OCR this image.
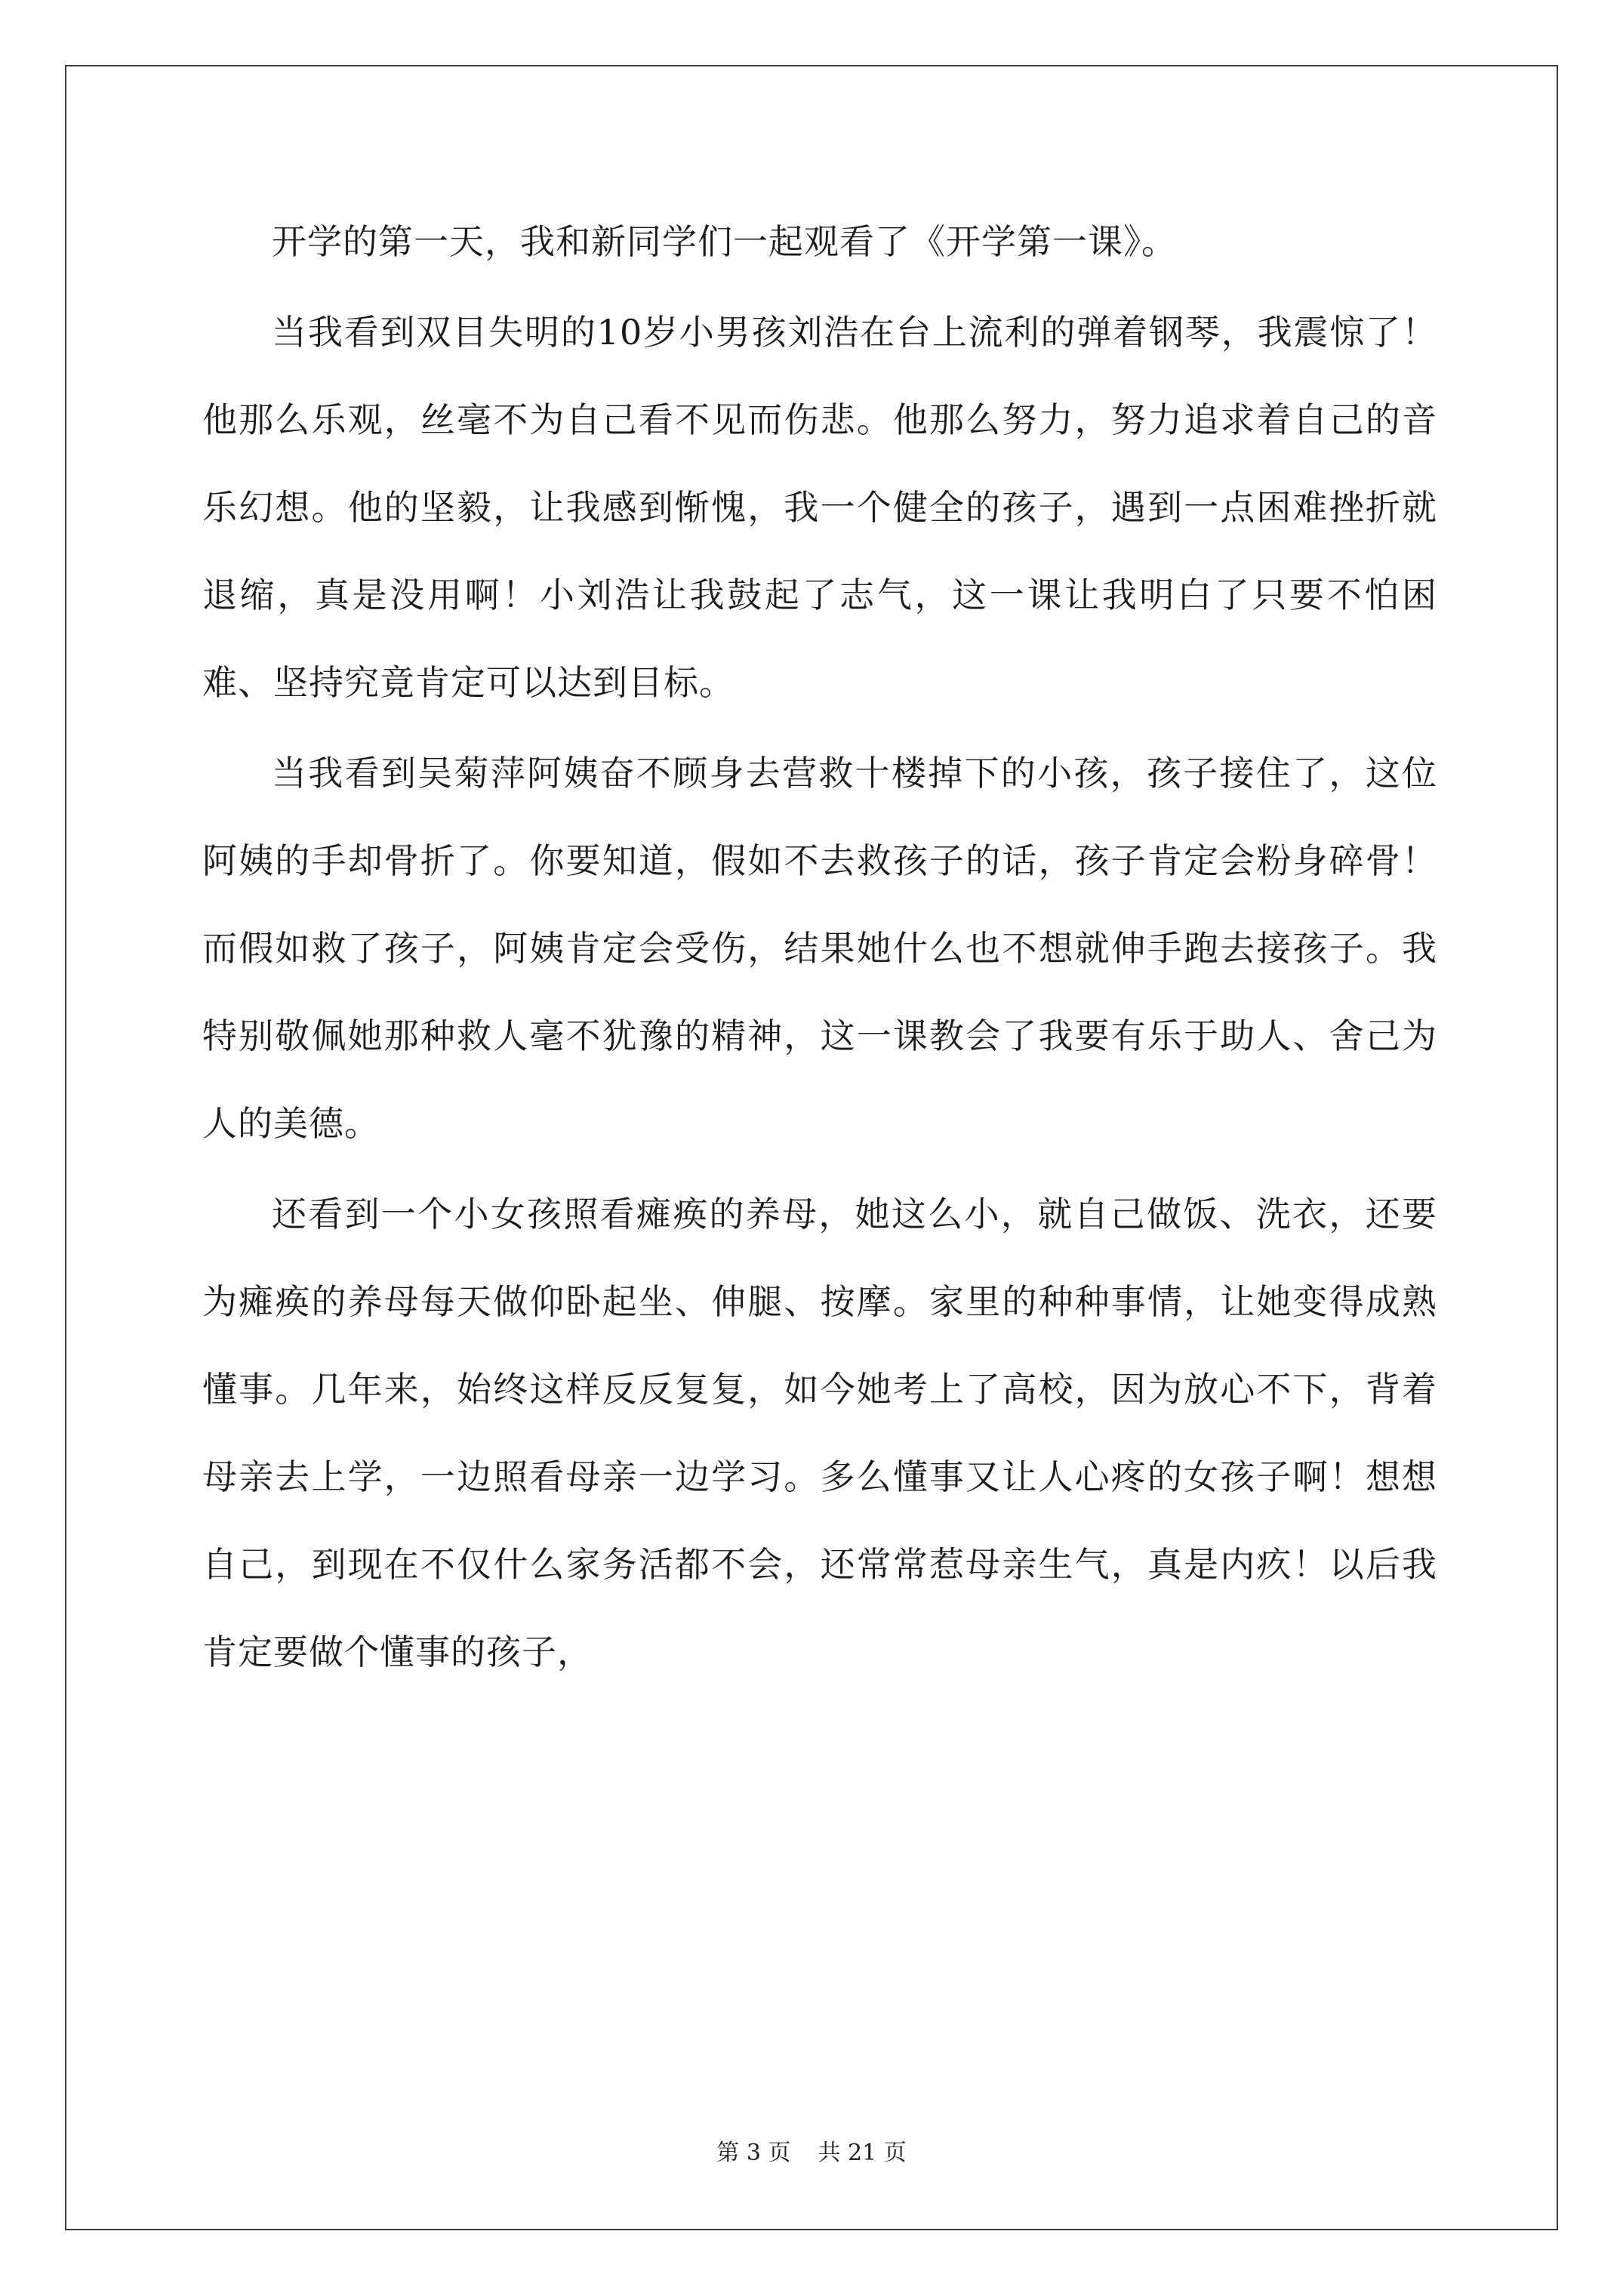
开学的第一天，我和新同学们一起观看了《开学第一课》。

当我看到双目失明的10岁小男孩刘浩在台上流利的弹着钢琴，我震惊了！他那么乐观，丝毫不为自己看不见而伤悲。他那么努力，努力追求着自己的音乐幻想。他的坚毅，让我感到惭愧，我一个健全的孩子，遇到一点困难挫折就退缩，真是没用啊！小刘浩让我鼓起了志气，这一课让我明白了只要不怕困难、坚持究竟肯定可以达到目标。

当我看到吴菊萍阿姨奋不顾身去营救十楼掉下的小孩，孩子接住了，这位阿姨的手却骨折了。你要知道，假如不去救孩子的话，孩子肯定会粉身碎骨！而假如救了孩子，阿姨肯定会受伤，结果她什么也不想就伸手跑去接孩子。我特别敬佩她那种救人毫不犹豫的精神，这一课教会了我要有乐于助人、舍己为人的美德。

还看到一个小女孩照看瘫痪的养母，她这么小，就自己做饭、洗衣，还要为瘫痪的养母每天做仰卧起坐、伸腿、按摩。家里的种种事情，让她变得成熟懂事。几年来，始终这样反反复复，如今她考上了高校，因为放心不下，背着母亲去上学，一边照看母亲一边学习。多么懂事又让人心疼的女孩子啊！想想自己，到现在不仅什么家务活都不会，还常常惹母亲生气，真是内疚！以后我肯定要做个懂事的孩子，

第 3 页 共 21 页
